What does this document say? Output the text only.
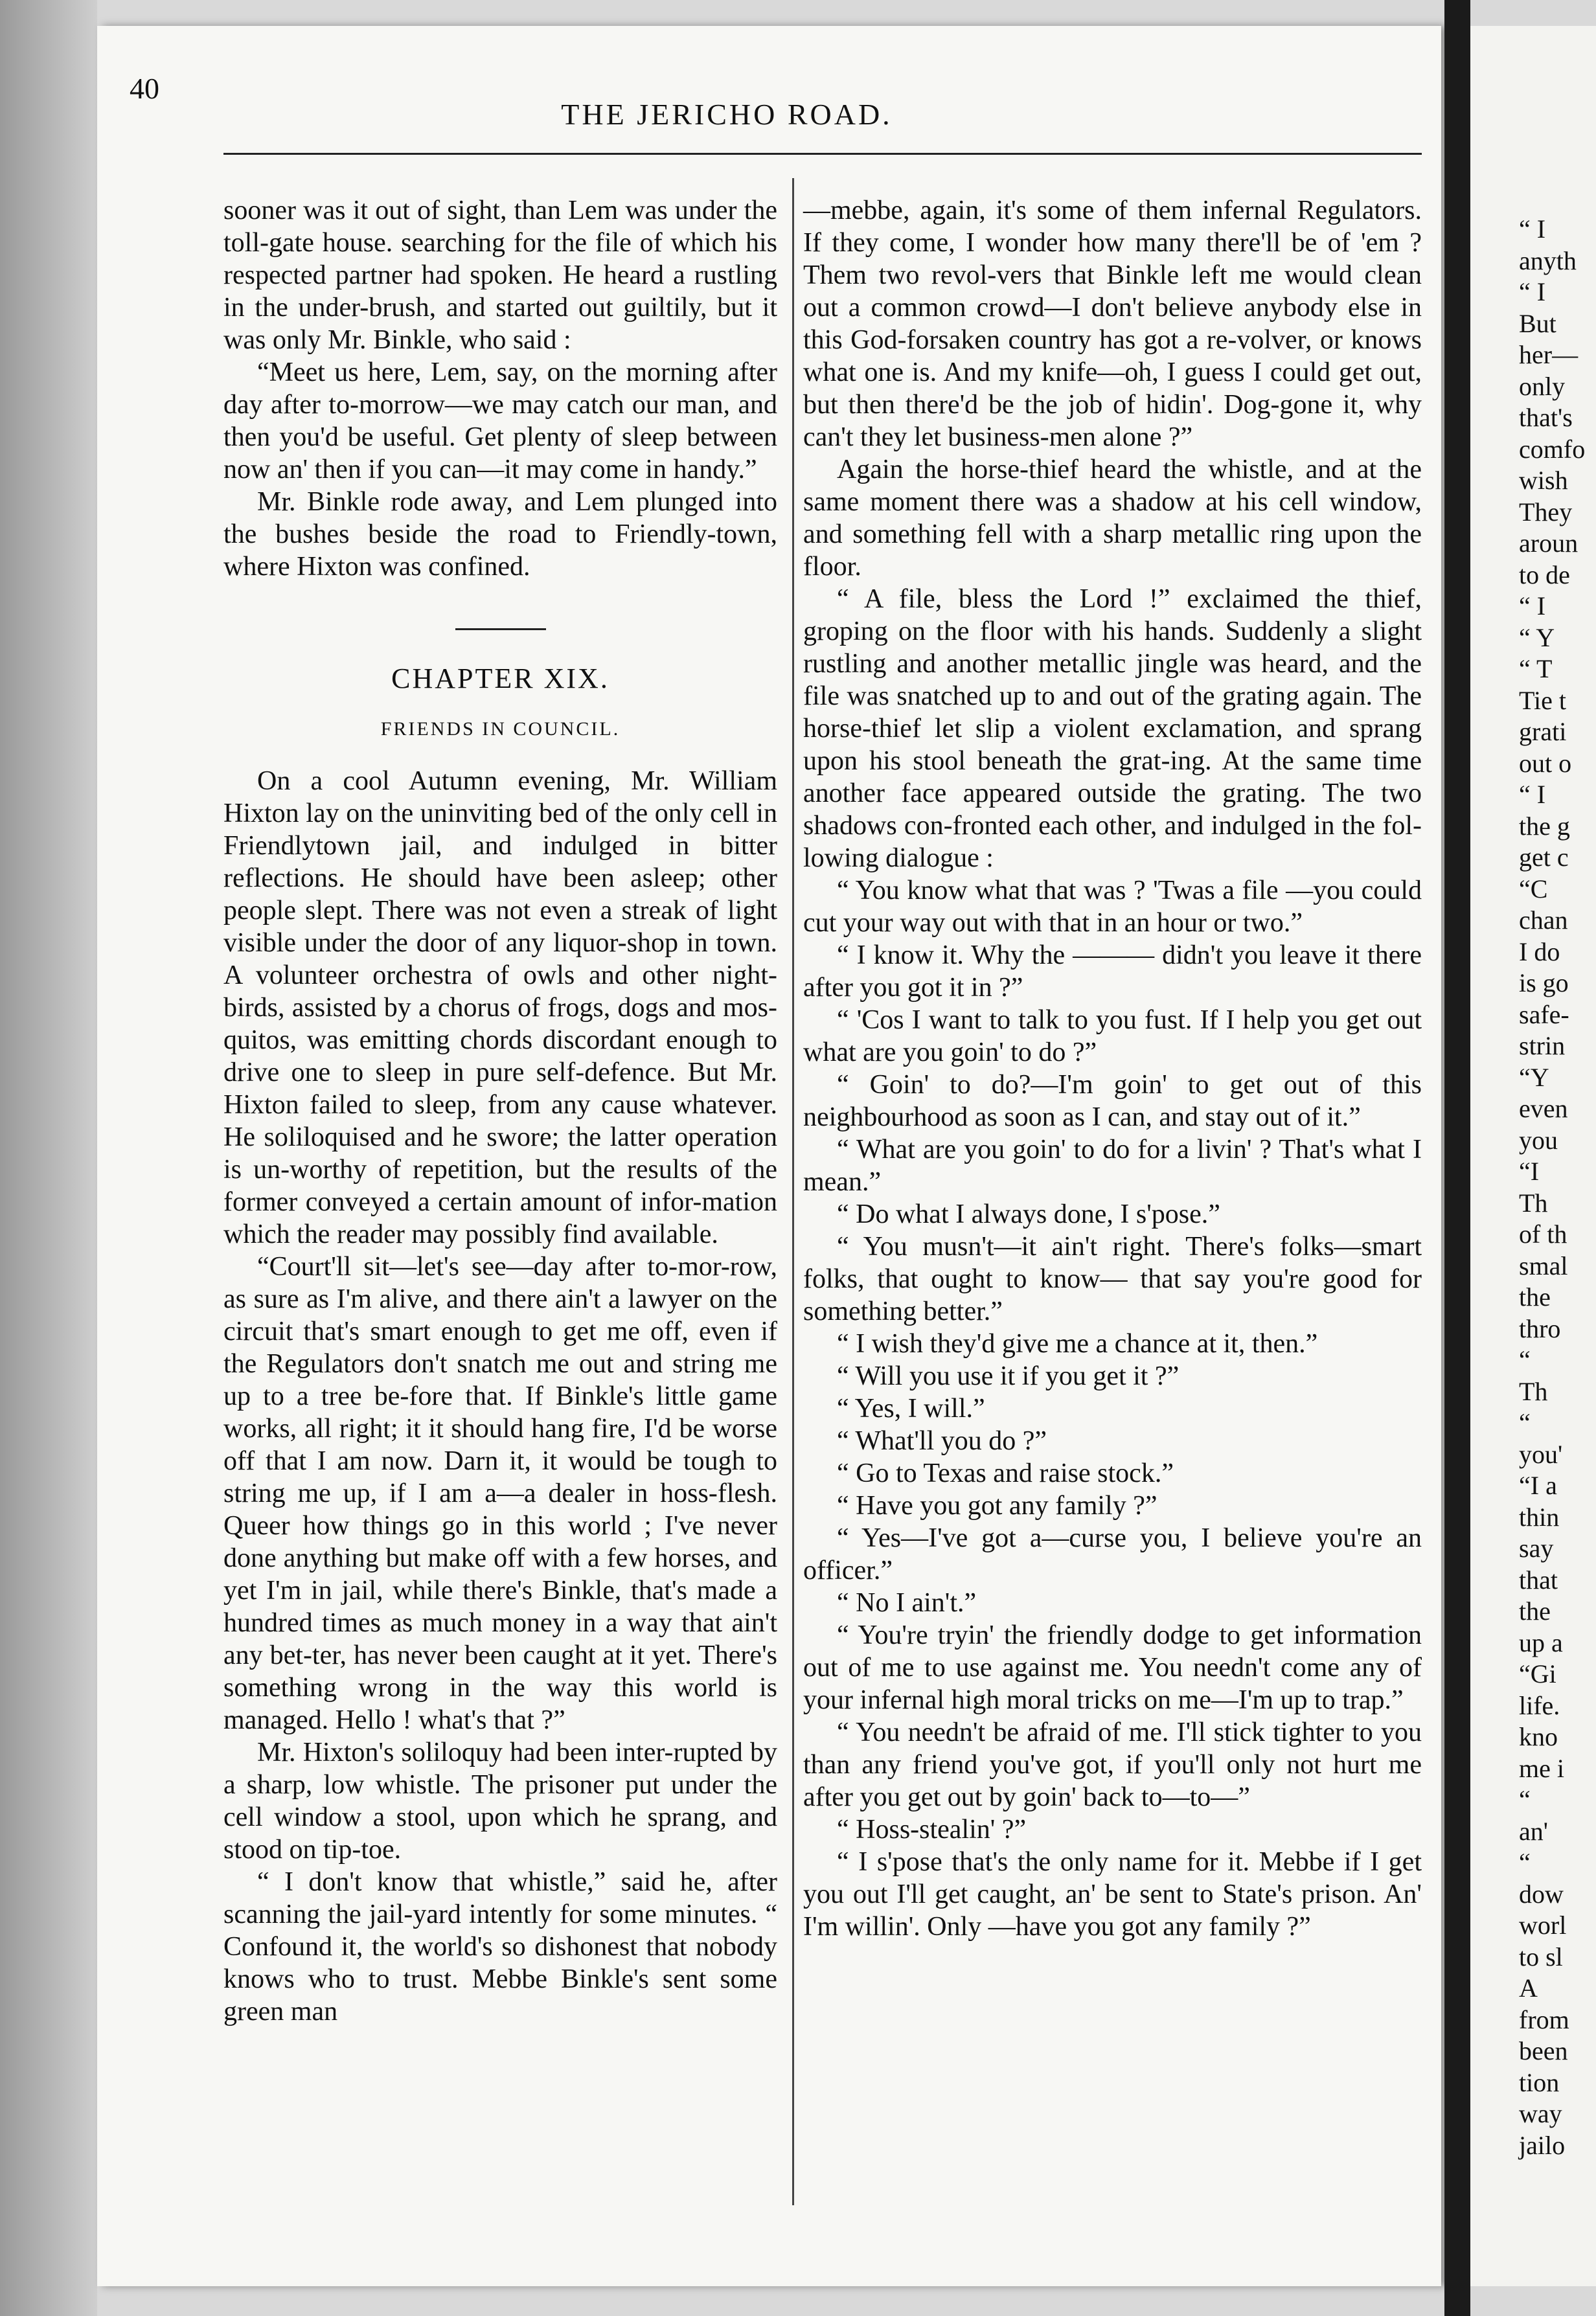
40
THE JERICHO ROAD.

sooner was it out of sight, than Lem was under the toll-gate house. searching for the file of which his respected partner had spoken. He heard a rustling in the under-brush, and started out guiltily, but it was only Mr. Binkle, who said :

“Meet us here, Lem, say, on the morning after day after to-morrow—we may catch our man, and then you'd be useful. Get plenty of sleep between now an' then if you can—it may come in handy.”

Mr. Binkle rode away, and Lem plunged into the bushes beside the road to Friendly-town, where Hixton was confined.

CHAPTER XIX.
FRIENDS IN COUNCIL.

On a cool Autumn evening, Mr. William Hixton lay on the uninviting bed of the only cell in Friendlytown jail, and indulged in bitter reflections. He should have been asleep; other people slept. There was not even a streak of light visible under the door of any liquor-shop in town. A volunteer orchestra of owls and other night-birds, assisted by a chorus of frogs, dogs and mos-quitos, was emitting chords discordant enough to drive one to sleep in pure self-defence. But Mr. Hixton failed to sleep, from any cause whatever. He soliloquised and he swore; the latter operation is un-worthy of repetition, but the results of the former conveyed a certain amount of infor-mation which the reader may possibly find available.

“Court'll sit—let's see—day after to-mor-row, as sure as I'm alive, and there ain't a lawyer on the circuit that's smart enough to get me off, even if the Regulators don't snatch me out and string me up to a tree be-fore that. If Binkle's little game works, all right; it it should hang fire, I'd be worse off that I am now. Darn it, it would be tough to string me up, if I am a—a dealer in hoss-flesh. Queer how things go in this world ; I've never done anything but make off with a few horses, and yet I'm in jail, while there's Binkle, that's made a hundred times as much money in a way that ain't any bet-ter, has never been caught at it yet. There's something wrong in the way this world is managed. Hello ! what's that ?”

Mr. Hixton's soliloquy had been inter-rupted by a sharp, low whistle. The prisoner put under the cell window a stool, upon which he sprang, and stood on tip-toe.

“ I don't know that whistle,” said he, after scanning the jail-yard intently for some minutes. “ Confound it, the world's so dishonest that nobody knows who to trust. Mebbe Binkle's sent some green man

—mebbe, again, it's some of them infernal Regulators. If they come, I wonder how many there'll be of 'em ? Them two revol-vers that Binkle left me would clean out a common crowd—I don't believe anybody else in this God-forsaken country has got a re-volver, or knows what one is. And my knife—oh, I guess I could get out, but then there'd be the job of hidin'. Dog-gone it, why can't they let business-men alone ?”

Again the horse-thief heard the whistle, and at the same moment there was a shadow at his cell window, and something fell with a sharp metallic ring upon the floor.

“ A file, bless the Lord !” exclaimed the thief, groping on the floor with his hands. Suddenly a slight rustling and another metallic jingle was heard, and the file was snatched up to and out of the grating again. The horse-thief let slip a violent exclamation, and sprang upon his stool beneath the grat-ing. At the same time another face appeared outside the grating. The two shadows con-fronted each other, and indulged in the fol-lowing dialogue :

“ You know what that was ? 'Twas a file —you could cut your way out with that in an hour or two.”

“ I know it. Why the ——— didn't you leave it there after you got it in ?”

“ 'Cos I want to talk to you fust. If I help you get out what are you goin' to do ?”

“ Goin' to do?—I'm goin' to get out of this neighbourhood as soon as I can, and stay out of it.”

“ What are you goin' to do for a livin' ? That's what I mean.”

“ Do what I always done, I s'pose.”

“ You musn't—it ain't right. There's folks—smart folks, that ought to know— that say you're good for something better.”

“ I wish they'd give me a chance at it, then.”

“ Will you use it if you get it ?”

“ Yes, I will.”

“ What'll you do ?”

“ Go to Texas and raise stock.”

“ Have you got any family ?”

“ Yes—I've got a—curse you, I believe you're an officer.”

“ No I ain't.”

“ You're tryin' the friendly dodge to get information out of me to use against me. You needn't come any of your infernal high moral tricks on me—I'm up to trap.”

“ You needn't be afraid of me. I'll stick tighter to you than any friend you've got, if you'll only not hurt me after you get out by goin' back to—to—”

“ Hoss-stealin' ?”

“ I s'pose that's the only name for it. Mebbe if I get you out I'll get caught, an' be sent to State's prison. An' I'm willin'. Only —have you got any family ?”

“ I
anyth
“ I
But
her—
only
that's
comfo
wish
They
aroun
to de
“ I
“ Y
“ T
Tie t
grati
out o
“ I
the g
get c
“C
chan
I do
is go
safe-
strin
“Y
even
you
“I
Th
of th
smal
the
thro
“
Th
“
you'
“I a
thin
say
that
the
up a
“Gi
life.
kno
me i
“
an'
“
dow
worl
to sl
A
from
been
tion
way
jailo
